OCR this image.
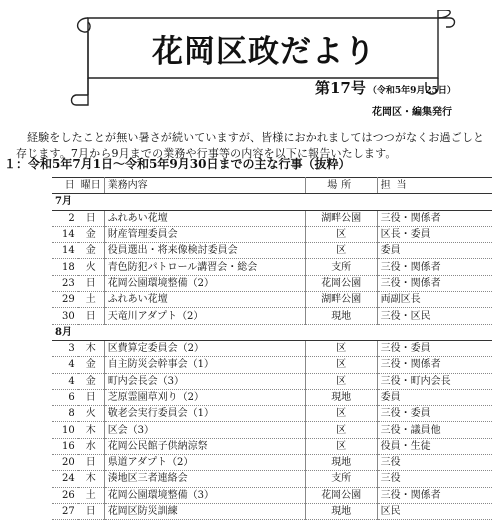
花岡区政だより
第17号 （令和5年9月25日）
花岡区・編集発行

経験をしたことが無い暑さが続いていますが、皆様におかれましてはつつがなくお過ごしと存じます。7月から9月までの業務や行事等の内容を以下に報告いたします。

１：令和5年7月1日～令和5年9月30日までの主な行事（抜粋）
日	曜日	業務内容	場所	担当
7月				
2	日	ふれあい花壇	湖畔公園	三役・関係者
14	金	財産管理委員会	区	区長・委員
14	金	役員選出・将来像検討委員会	区	委員
18	火	青色防犯パトロール講習会・総会	支所	三役・関係者
23	日	花岡公園環境整備（2）	花岡公園	三役・関係者
29	土	ふれあい花壇	湖畔公園	両副区長
30	日	天竜川アダプト（2）	現地	三役・区民
8月				
3	木	区費算定委員会（2）	区	三役・委員
4	金	自主防災会幹事会（1）	区	三役・関係者
4	金	町内会長会（3）	区	三役・町内会長
6	日	芝原霊園草刈り（2）	現地	委員
8	火	敬老会実行委員会（1）	区	三役・委員
10	木	区会（3）	区	三役・議員他
16	水	花岡公民館子供納涼祭	区	役員・生徒
20	日	県道アダプト（2）	現地	三役
24	木	湊地区三者連絡会	支所	三役
26	土	花岡公園環境整備（3）	花岡公園	三役・関係者
27	日	花岡区防災訓練	現地	区民
